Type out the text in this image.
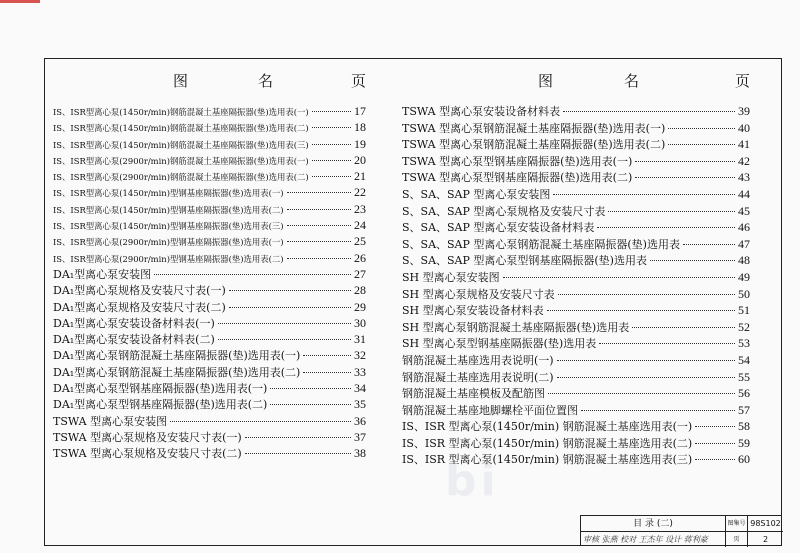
图	名	页
IS、ISR型离心泵(1450r/min)钢筋混凝土基座隔振器(垫)选用表(一)	17
IS、ISR型离心泵(1450r/min)钢筋混凝土基座隔振器(垫)选用表(二)	18
IS、ISR型离心泵(1450r/min)钢筋混凝土基座隔振器(垫)选用表(三)	19
IS、ISR型离心泵(2900r/min)钢筋混凝土基座隔振器(垫)选用表(一)	20
IS、ISR型离心泵(2900r/min)钢筋混凝土基座隔振器(垫)选用表(二)	21
IS、ISR型离心泵(1450r/min)型钢基座隔振器(垫)选用表(一)	22
IS、ISR型离心泵(1450r/min)型钢基座隔振器(垫)选用表(二)	23
IS、ISR型离心泵(1450r/min)型钢基座隔振器(垫)选用表(三)	24
IS、ISR型离心泵(2900r/min)型钢基座隔振器(垫)选用表(一)	25
IS、ISR型离心泵(2900r/min)型钢基座隔振器(垫)选用表(二)	26
DA₁型离心泵安装图	27
DA₁型离心泵规格及安装尺寸表(一)	28
DA₁型离心泵规格及安装尺寸表(二)	29
DA₁型离心泵安装设备材料表(一)	30
DA₁型离心泵安装设备材料表(二)	31
DA₁型离心泵钢筋混凝土基座隔振器(垫)选用表(一)	32
DA₁型离心泵钢筋混凝土基座隔振器(垫)选用表(二)	33
DA₁型离心泵型钢基座隔振器(垫)选用表(一)	34
DA₁型离心泵型钢基座隔振器(垫)选用表(二)	35
TSWA 型离心泵安装图	36
TSWA 型离心泵规格及安装尺寸表(一)	37
TSWA 型离心泵规格及安装尺寸表(二)	38
图	名	页
TSWA 型离心泵安装设备材料表	39
TSWA 型离心泵钢筋混凝土基座隔振器(垫)选用表(一)	40
TSWA 型离心泵钢筋混凝土基座隔振器(垫)选用表(二)	41
TSWA 型离心泵型钢基座隔振器(垫)选用表(一)	42
TSWA 型离心泵型钢基座隔振器(垫)选用表(二)	43
S、SA、SAP 型离心泵安装图	44
S、SA、SAP 型离心泵规格及安装尺寸表	45
S、SA、SAP 型离心泵安装设备材料表	46
S、SA、SAP 型离心泵钢筋混凝土基座隔振器(垫)选用表	47
S、SA、SAP 型离心泵型钢基座隔振器(垫)选用表	48
SH 型离心泵安装图	49
SH 型离心泵规格及安装尺寸表	50
SH 型离心泵安装设备材料表	51
SH 型离心泵钢筋混凝土基座隔振器(垫)选用表	52
SH 型离心泵型钢基座隔振器(垫)选用表	53
钢筋混凝土基座选用表说明(一)	54
钢筋混凝土基座选用表说明(二)	55
钢筋混凝土基座模板及配筋图	56
钢筋混凝土基座地脚螺栓平面位置图	57
IS、ISR 型离心泵(1450r/min) 钢筋混凝土基座选用表(一)	58
IS、ISR 型离心泵(1450r/min) 钢筋混凝土基座选用表(二)	59
IS、ISR 型离心泵(1450r/min) 钢筋混凝土基座选用表(三)	60
bi
目 录 (二)	图集号 98S102
审核 张燕 校对 王杰年 设计 蒋利豪	页	2
